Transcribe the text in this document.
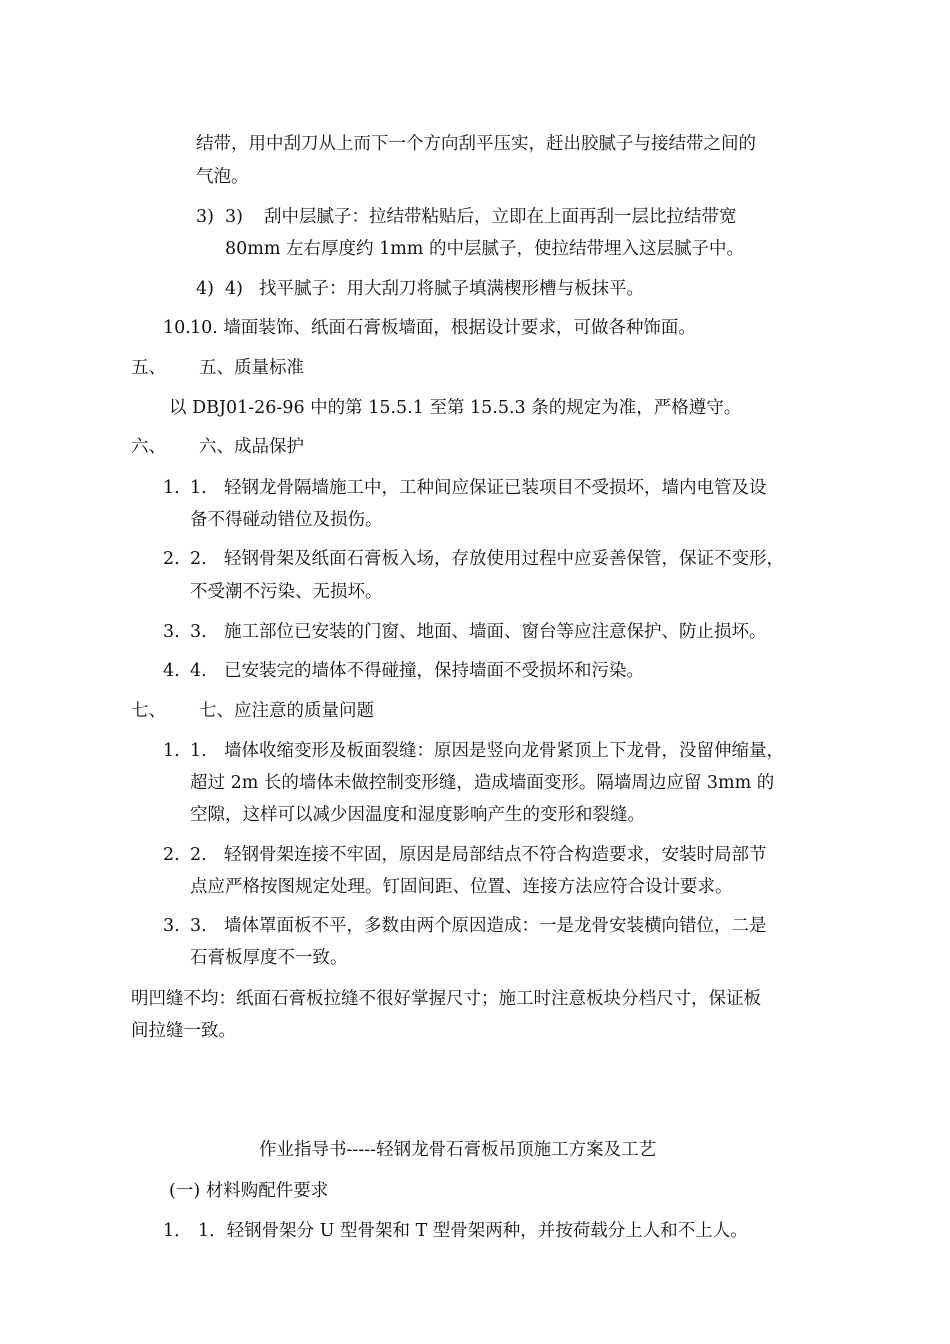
结带，用中刮刀从上而下一个方向刮平压实，赶出胶腻子与接结带之间的
气泡。
3) 3) 刮中层腻子：拉结带粘贴后，立即在上面再刮一层比拉结带宽
80mm 左右厚度约 1mm 的中层腻子，使拉结带埋入这层腻子中。
4) 4) 找平腻子：用大刮刀将腻子填满楔形槽与板抹平。
10. 10. 墙面装饰、纸面石膏板墙面，根据设计要求，可做各种饰面。
五、 五、质量标准
以 DBJ01-26-96 中的第 15.5.1 至第 15.5.3 条的规定为准，严格遵守。
六、 六、成品保护
1. 1. 轻钢龙骨隔墙施工中，工种间应保证已装项目不受损坏，墙内电管及设
备不得碰动错位及损伤。
2. 2. 轻钢骨架及纸面石膏板入场，存放使用过程中应妥善保管，保证不变形，
不受潮不污染、无损坏。
3. 3. 施工部位已安装的门窗、地面、墙面、窗台等应注意保护、防止损坏。
4. 4. 已安装完的墙体不得碰撞，保持墙面不受损坏和污染。
七、 七、应注意的质量问题
1. 1. 墙体收缩变形及板面裂缝：原因是竖向龙骨紧顶上下龙骨，没留伸缩量，
超过 2m 长的墙体未做控制变形缝，造成墙面变形。隔墙周边应留 3mm 的
空隙，这样可以减少因温度和湿度影响产生的变形和裂缝。
2. 2. 轻钢骨架连接不牢固，原因是局部结点不符合构造要求，安装时局部节
点应严格按图规定处理。钉固间距、位置、连接方法应符合设计要求。
3. 3. 墙体罩面板不平，多数由两个原因造成：一是龙骨安装横向错位，二是
石膏板厚度不一致。
明凹缝不均：纸面石膏板拉缝不很好掌握尺寸；施工时注意板块分档尺寸，保证板
间拉缝一致。
作业指导书-----轻钢龙骨石膏板吊顶施工方案及工艺
(一) 材料购配件要求
1． 1．轻钢骨架分 U 型骨架和 T 型骨架两种，并按荷载分上人和不上人。
